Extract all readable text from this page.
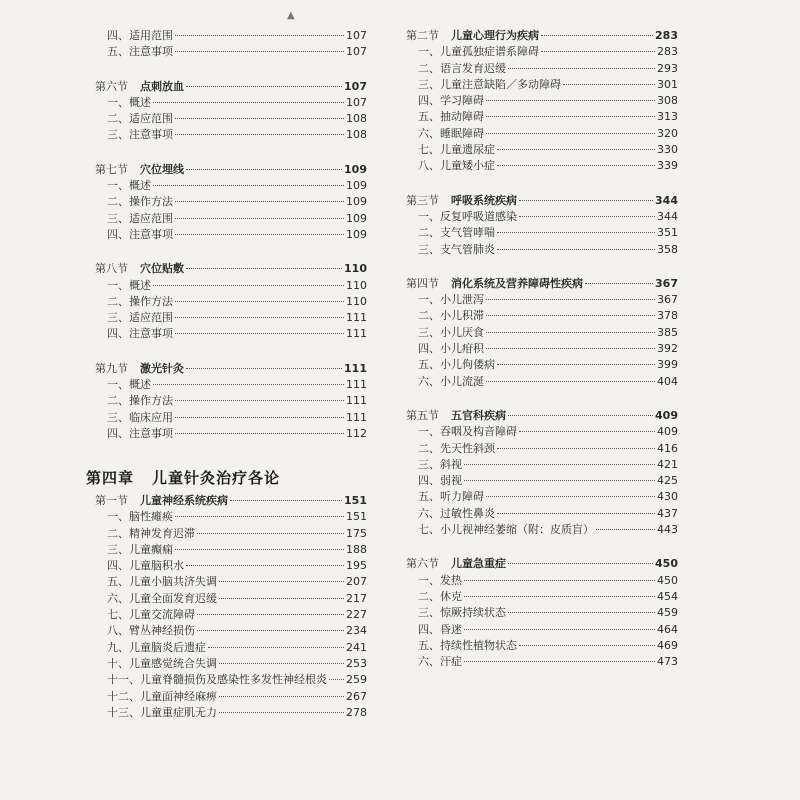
▲
四、适用范围	107
五、注意事项	107
第六节 点刺放血	107
一、概述	107
二、适应范围	108
三、注意事项	108
第七节 穴位埋线	109
一、概述	109
二、操作方法	109
三、适应范围	109
四、注意事项	109
第八节 穴位贴敷	110
一、概述	110
二、操作方法	110
三、适应范围	111
四、注意事项	111
第九节 激光针灸	111
一、概述	111
二、操作方法	111
三、临床应用	111
四、注意事项	112
第四章 儿童针灸治疗各论
第一节 儿童神经系统疾病	151
一、脑性瘫痪	151
二、精神发育迟滞	175
三、儿童癫痫	188
四、儿童脑积水	195
五、儿童小脑共济失调	207
六、儿童全面发育迟缓	217
七、儿童交流障碍	227
八、臂丛神经损伤	234
九、儿童脑炎后遗症	241
十、儿童感觉统合失调	253
十一、儿童脊髓损伤及感染性多发性神经根炎 259
十二、儿童面神经麻痹	267
十三、儿童重症肌无力	278
第二节 儿童心理行为疾病	283
一、儿童孤独症谱系障碍	283
二、语言发育迟缓	293
三、儿童注意缺陷／多动障碍	301
四、学习障碍	308
五、抽动障碍	313
六、睡眠障碍	320
七、儿童遗尿症	330
八、儿童矮小症	339
第三节 呼吸系统疾病	344
一、反复呼吸道感染	344
二、支气管哮喘	351
三、支气管肺炎	358
第四节 消化系统及营养障碍性疾病	367
一、小儿泄泻	367
二、小儿积滞	378
三、小儿厌食	385
四、小儿疳积	392
五、小儿佝偻病	399
六、小儿流涎	404
第五节 五官科疾病	409
一、吞咽及构音障碍	409
二、先天性斜颈	416
三、斜视	421
四、弱视	425
五、听力障碍	430
六、过敏性鼻炎	437
七、小儿视神经萎缩（附：皮质盲）	443
第六节 儿童急重症	450
一、发热	450
二、休克	454
三、惊厥持续状态	459
四、昏迷	464
五、持续性植物状态	469
六、汗症	473
